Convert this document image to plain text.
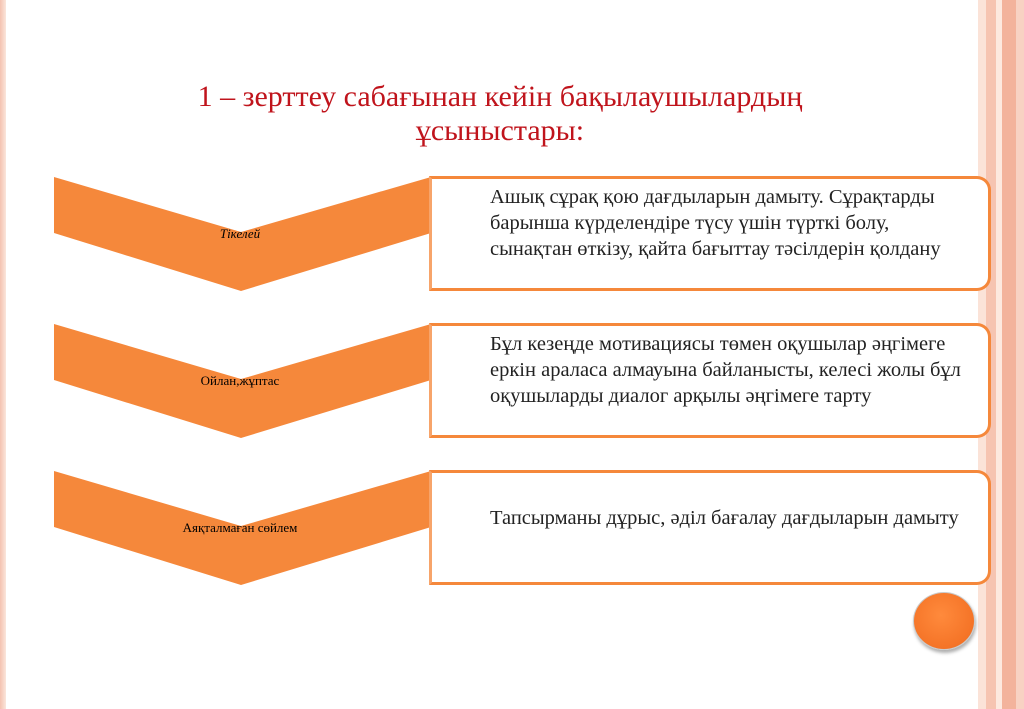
1 – зерттеу сабағынан кейін бақылаушылардың
ұсыныстары:
Тікелей
Ойлан,жұптас
Аяқталмаған сөйлем
Ашық сұрақ қою дағдыларын дамыту. Сұрақтарды барынша күрделендіре түсу үшін түрткі болу, сынақтан өткізу, қайта бағыттау тәсілдерін қолдану
Бұл кезеңде мотивациясы төмен оқушылар әңгімеге еркін араласа алмауына байланысты, келесі жолы бұл оқушыларды диалог арқылы әңгімеге тарту
Тапсырманы дұрыс, әділ бағалау дағдыларын дамыту
